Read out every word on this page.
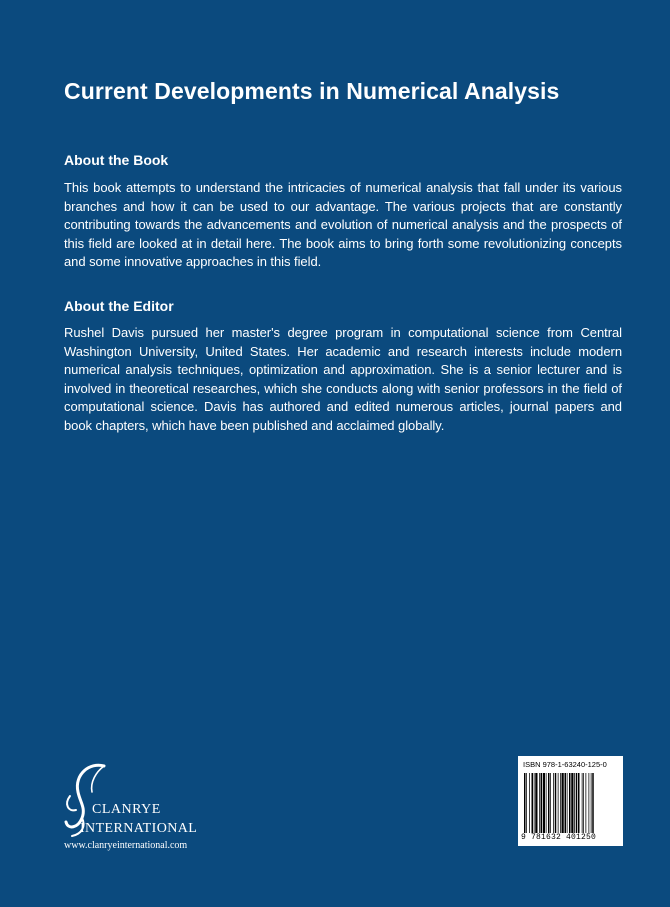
Current Developments in Numerical Analysis
About the Book
This book attempts to understand the intricacies of numerical analysis that fall under its various branches and how it can be used to our advantage. The various projects that are constantly contributing towards the advancements and evolution of numerical analysis and the prospects of this field are looked at in detail here. The book aims to bring forth some revolutionizing concepts and some innovative approaches in this field.
About the Editor
Rushel Davis pursued her master's degree program in computational science from Central Washington University, United States. Her academic and research interests include modern numerical analysis techniques, optimization and approximation. She is a senior lecturer and is involved in theoretical researches, which she conducts along with senior professors in the field of computational science. Davis has authored and edited numerous articles, journal papers and book chapters, which have been published and acclaimed globally.
CLANRYE
INTERNATIONAL
www.clanryeinternational.com
ISBN 978-1-63240-125-0
9 781632 401250
